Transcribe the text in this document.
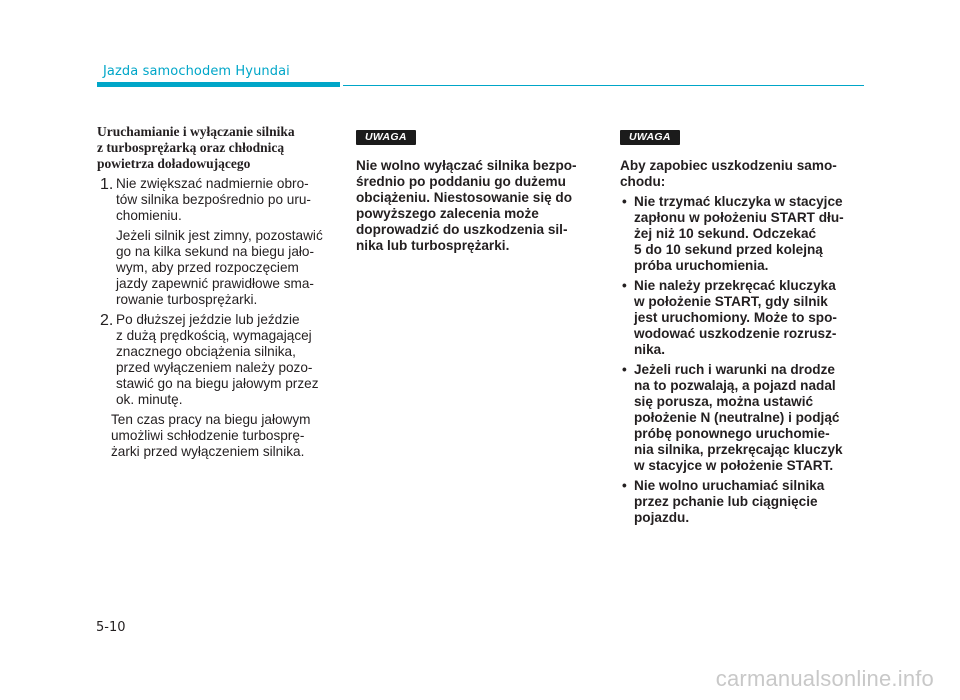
Jazda samochodem Hyundai
Uruchamianie i wyłączanie silnika
z turbosprężarką oraz chłodnicą
powietrza doładowującego
1. Nie zwiększać nadmiernie obro-
tów silnika bezpośrednio po uru-
chomieniu.
Jeżeli silnik jest zimny, pozostawić
go na kilka sekund na biegu jało-
wym, aby przed rozpoczęciem
jazdy zapewnić prawidłowe sma-
rowanie turbosprężarki.
2. Po dłuższej jeździe lub jeździe
z dużą prędkością, wymagającej
znacznego obciążenia silnika,
przed wyłączeniem należy pozo-
stawić go na biegu jałowym przez
ok. minutę.
Ten czas pracy na biegu jałowym
umożliwi schłodzenie turbosprę-
żarki przed wyłączeniem silnika.
UWAGA
Nie wolno wyłączać silnika bezpo-
średnio po poddaniu go dużemu
obciążeniu. Niestosowanie się do
powyższego zalecenia może
doprowadzić do uszkodzenia sil-
nika lub turbosprężarki.
UWAGA
Aby zapobiec uszkodzeniu samo-
chodu:
• Nie trzymać kluczyka w stacyjce
zapłonu w położeniu START dłu-
żej niż 10 sekund. Odczekać
5 do 10 sekund przed kolejną
próba uruchomienia.
• Nie należy przekręcać kluczyka
w położenie START, gdy silnik
jest uruchomiony. Może to spo-
wodować uszkodzenie rozrusz-
nika.
• Jeżeli ruch i warunki na drodze
na to pozwalają, a pojazd nadal
się porusza, można ustawić
położenie N (neutralne) i podjąć
próbę ponownego uruchomie-
nia silnika, przekręcając kluczyk
w stacyjce w położenie START.
• Nie wolno uruchamiać silnika
przez pchanie lub ciągnięcie
pojazdu.
5-10
carmanualsonline.info
